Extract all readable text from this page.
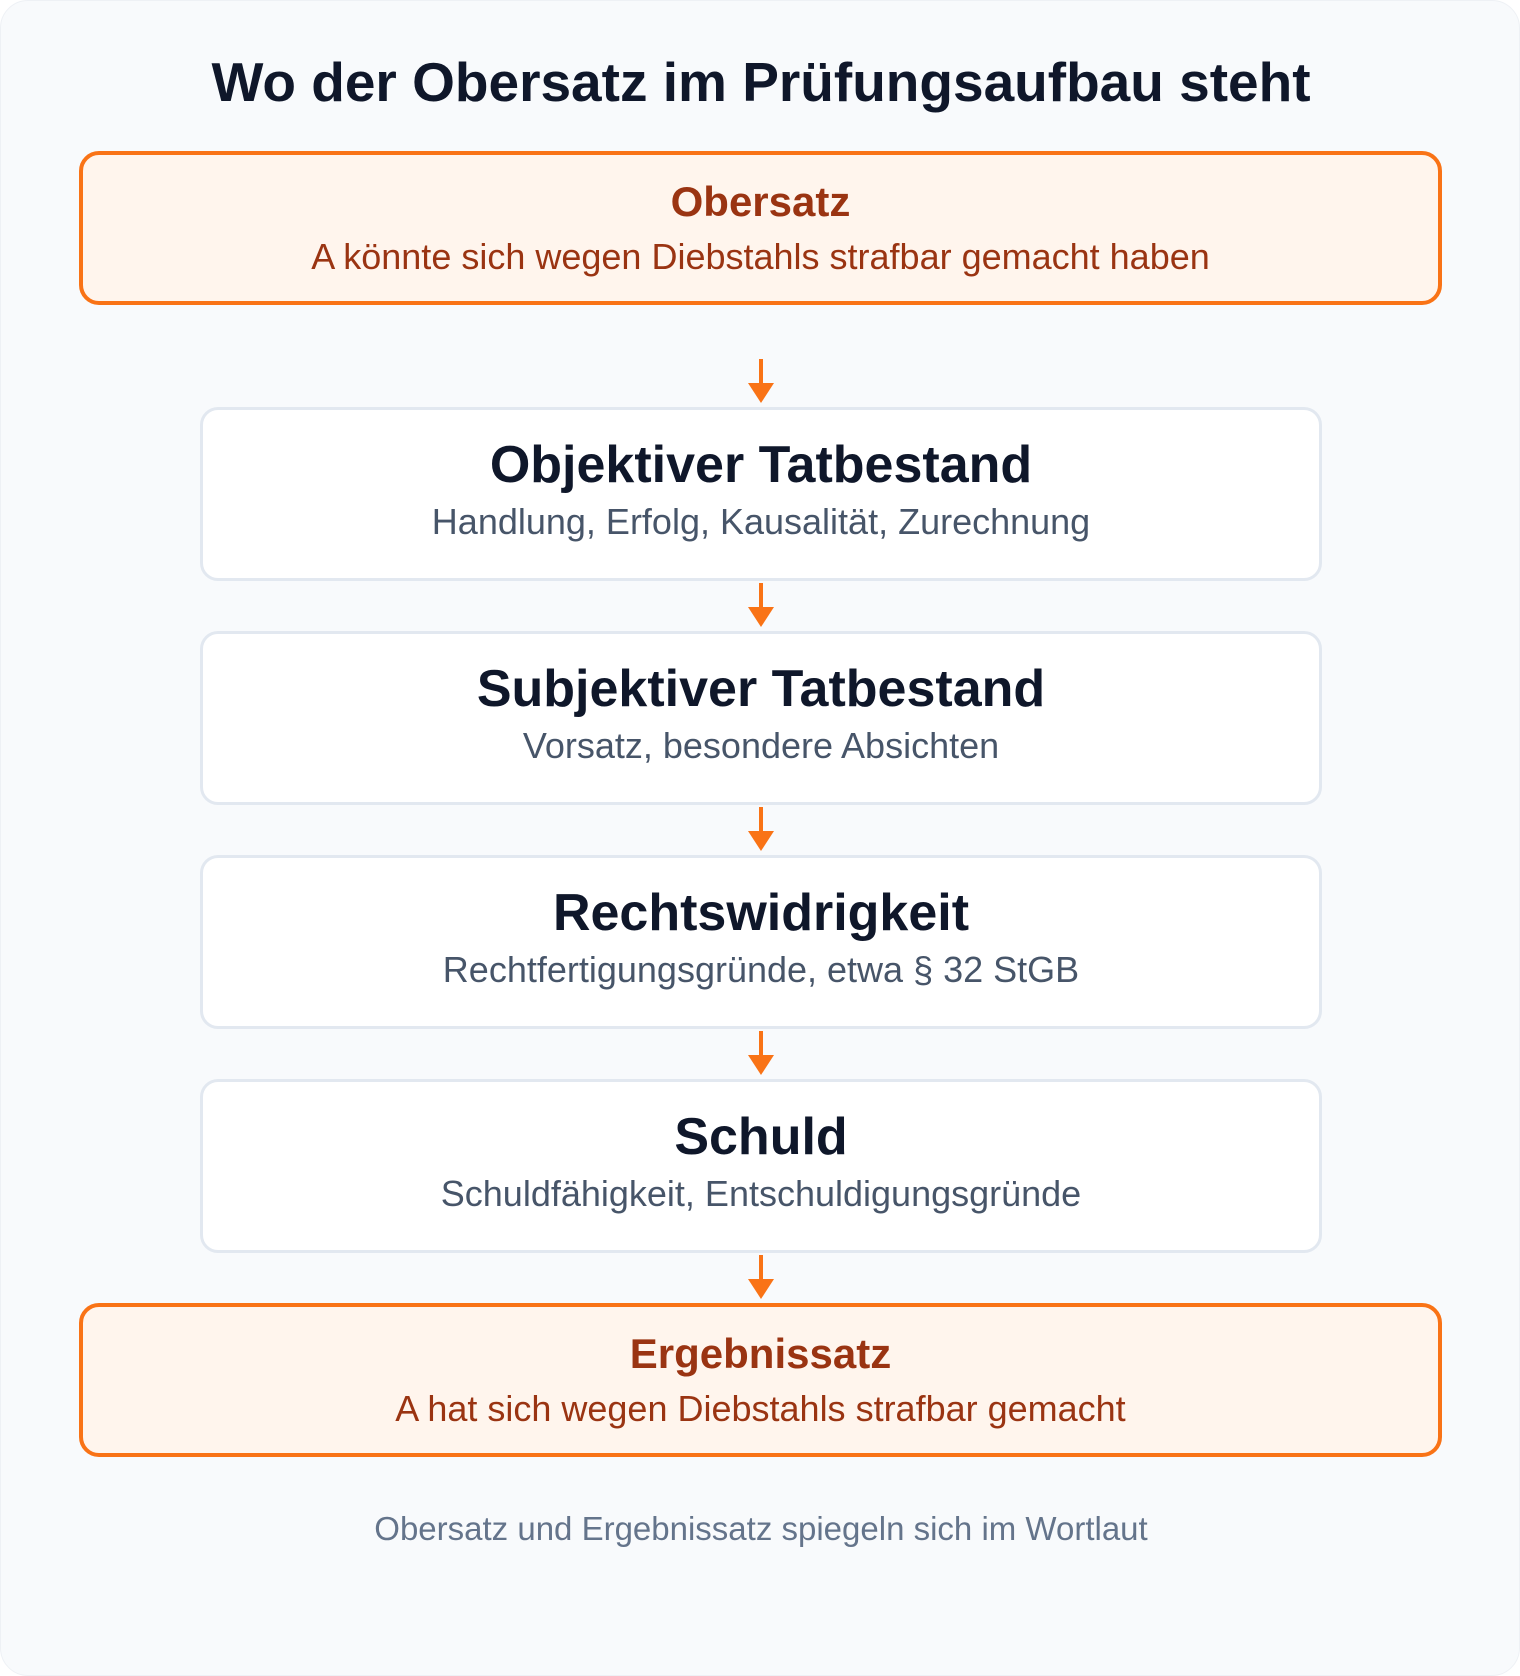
Wo der Obersatz im Prüfungsaufbau steht
Obersatz
A könnte sich wegen Diebstahls strafbar gemacht haben
Objektiver Tatbestand
Handlung, Erfolg, Kausalität, Zurechnung
Subjektiver Tatbestand
Vorsatz, besondere Absichten
Rechtswidrigkeit
Rechtfertigungsgründe, etwa § 32 StGB
Schuld
Schuldfähigkeit, Entschuldigungsgründe
Ergebnissatz
A hat sich wegen Diebstahls strafbar gemacht
Obersatz und Ergebnissatz spiegeln sich im Wortlaut
